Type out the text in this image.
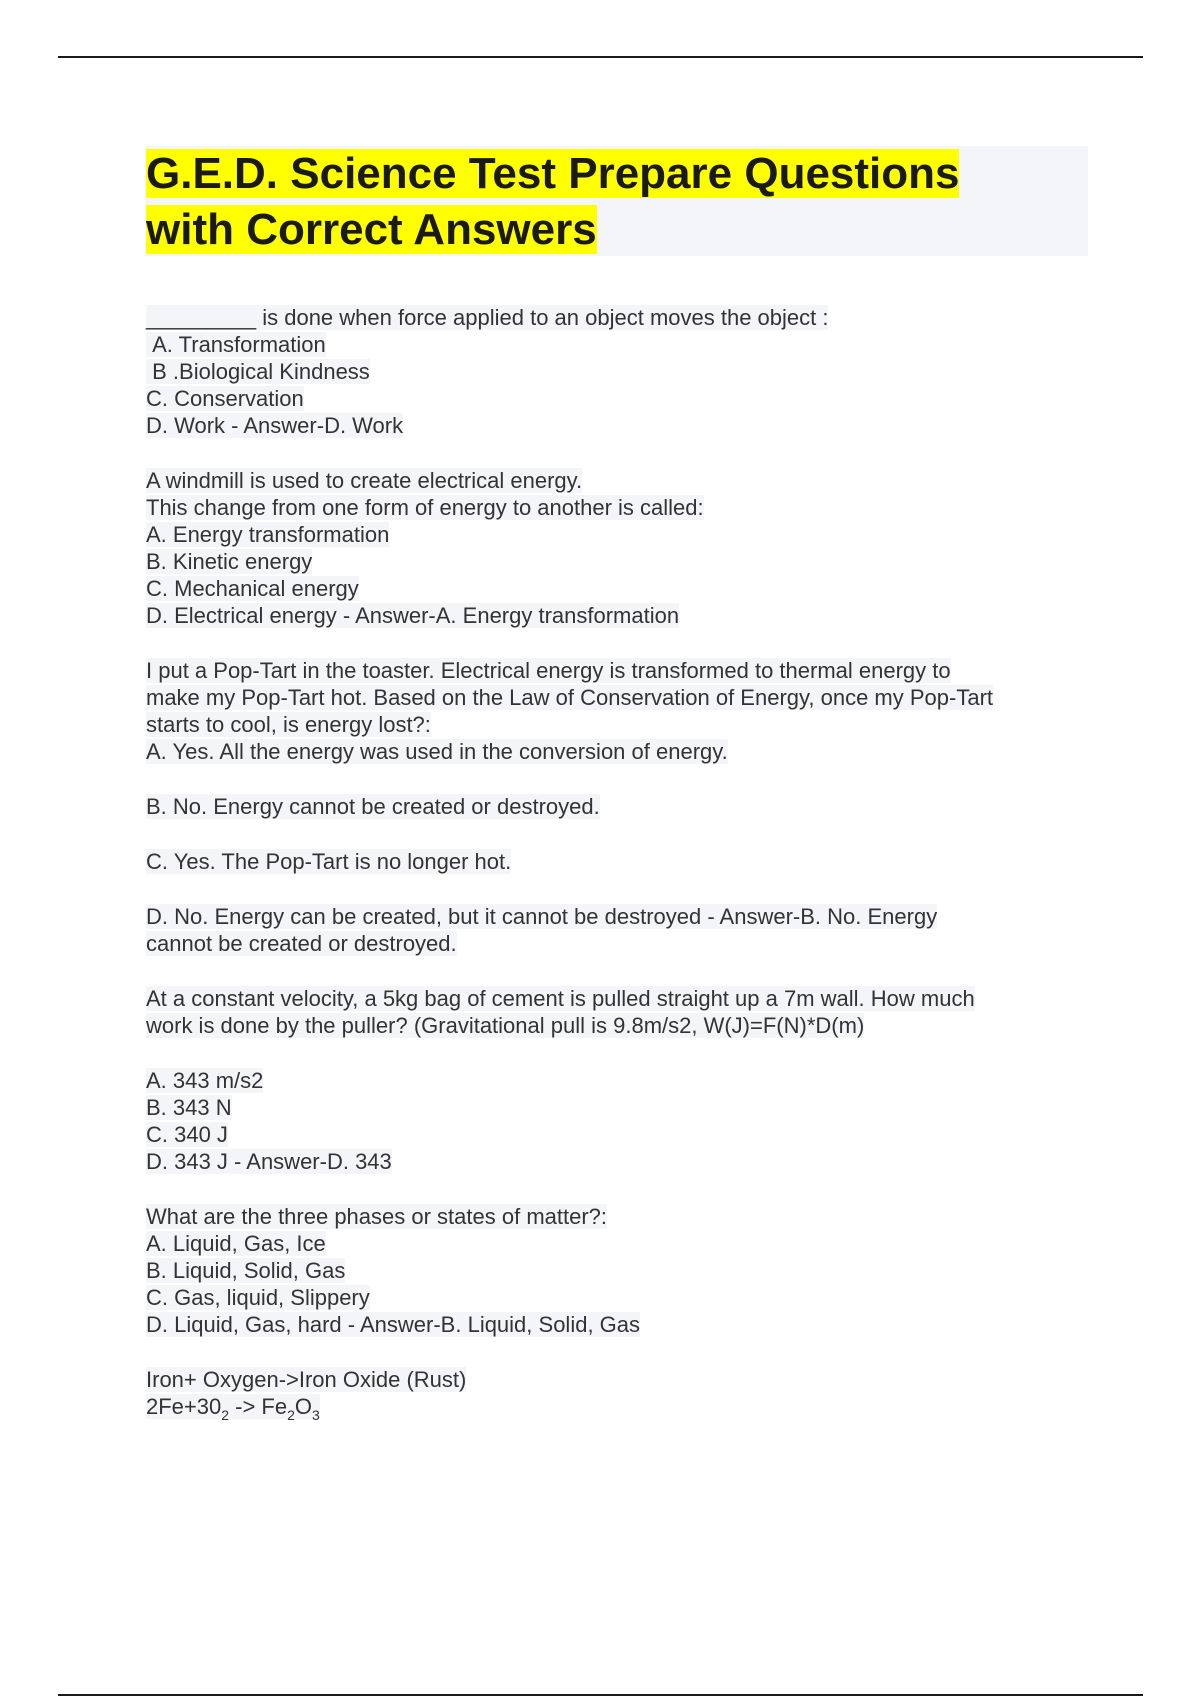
G.E.D. Science Test Prepare Questions
with Correct Answers
_________ is done when force applied to an object moves the object :
A. Transformation
B .Biological Kindness
C. Conservation
D. Work - Answer-D. Work
A windmill is used to create electrical energy.
This change from one form of energy to another is called:
A. Energy transformation
B. Kinetic energy
C. Mechanical energy
D. Electrical energy - Answer-A. Energy transformation
I put a Pop-Tart in the toaster. Electrical energy is transformed to thermal energy to
make my Pop-Tart hot. Based on the Law of Conservation of Energy, once my Pop-Tart
starts to cool, is energy lost?:
A. Yes. All the energy was used in the conversion of energy.
B. No. Energy cannot be created or destroyed.
C. Yes. The Pop-Tart is no longer hot.
D. No. Energy can be created, but it cannot be destroyed - Answer-B. No. Energy
cannot be created or destroyed.
At a constant velocity, a 5kg bag of cement is pulled straight up a 7m wall. How much
work is done by the puller? (Gravitational pull is 9.8m/s2, W(J)=F(N)*D(m)
A. 343 m/s2
B. 343 N
C. 340 J
D. 343 J - Answer-D. 343
What are the three phases or states of matter?:
A. Liquid, Gas, Ice
B. Liquid, Solid, Gas
C. Gas, liquid, Slippery
D. Liquid, Gas, hard - Answer-B. Liquid, Solid, Gas
Iron+ Oxygen->Iron Oxide (Rust)
$2Fe+30_2 -> Fe_2O_3$
